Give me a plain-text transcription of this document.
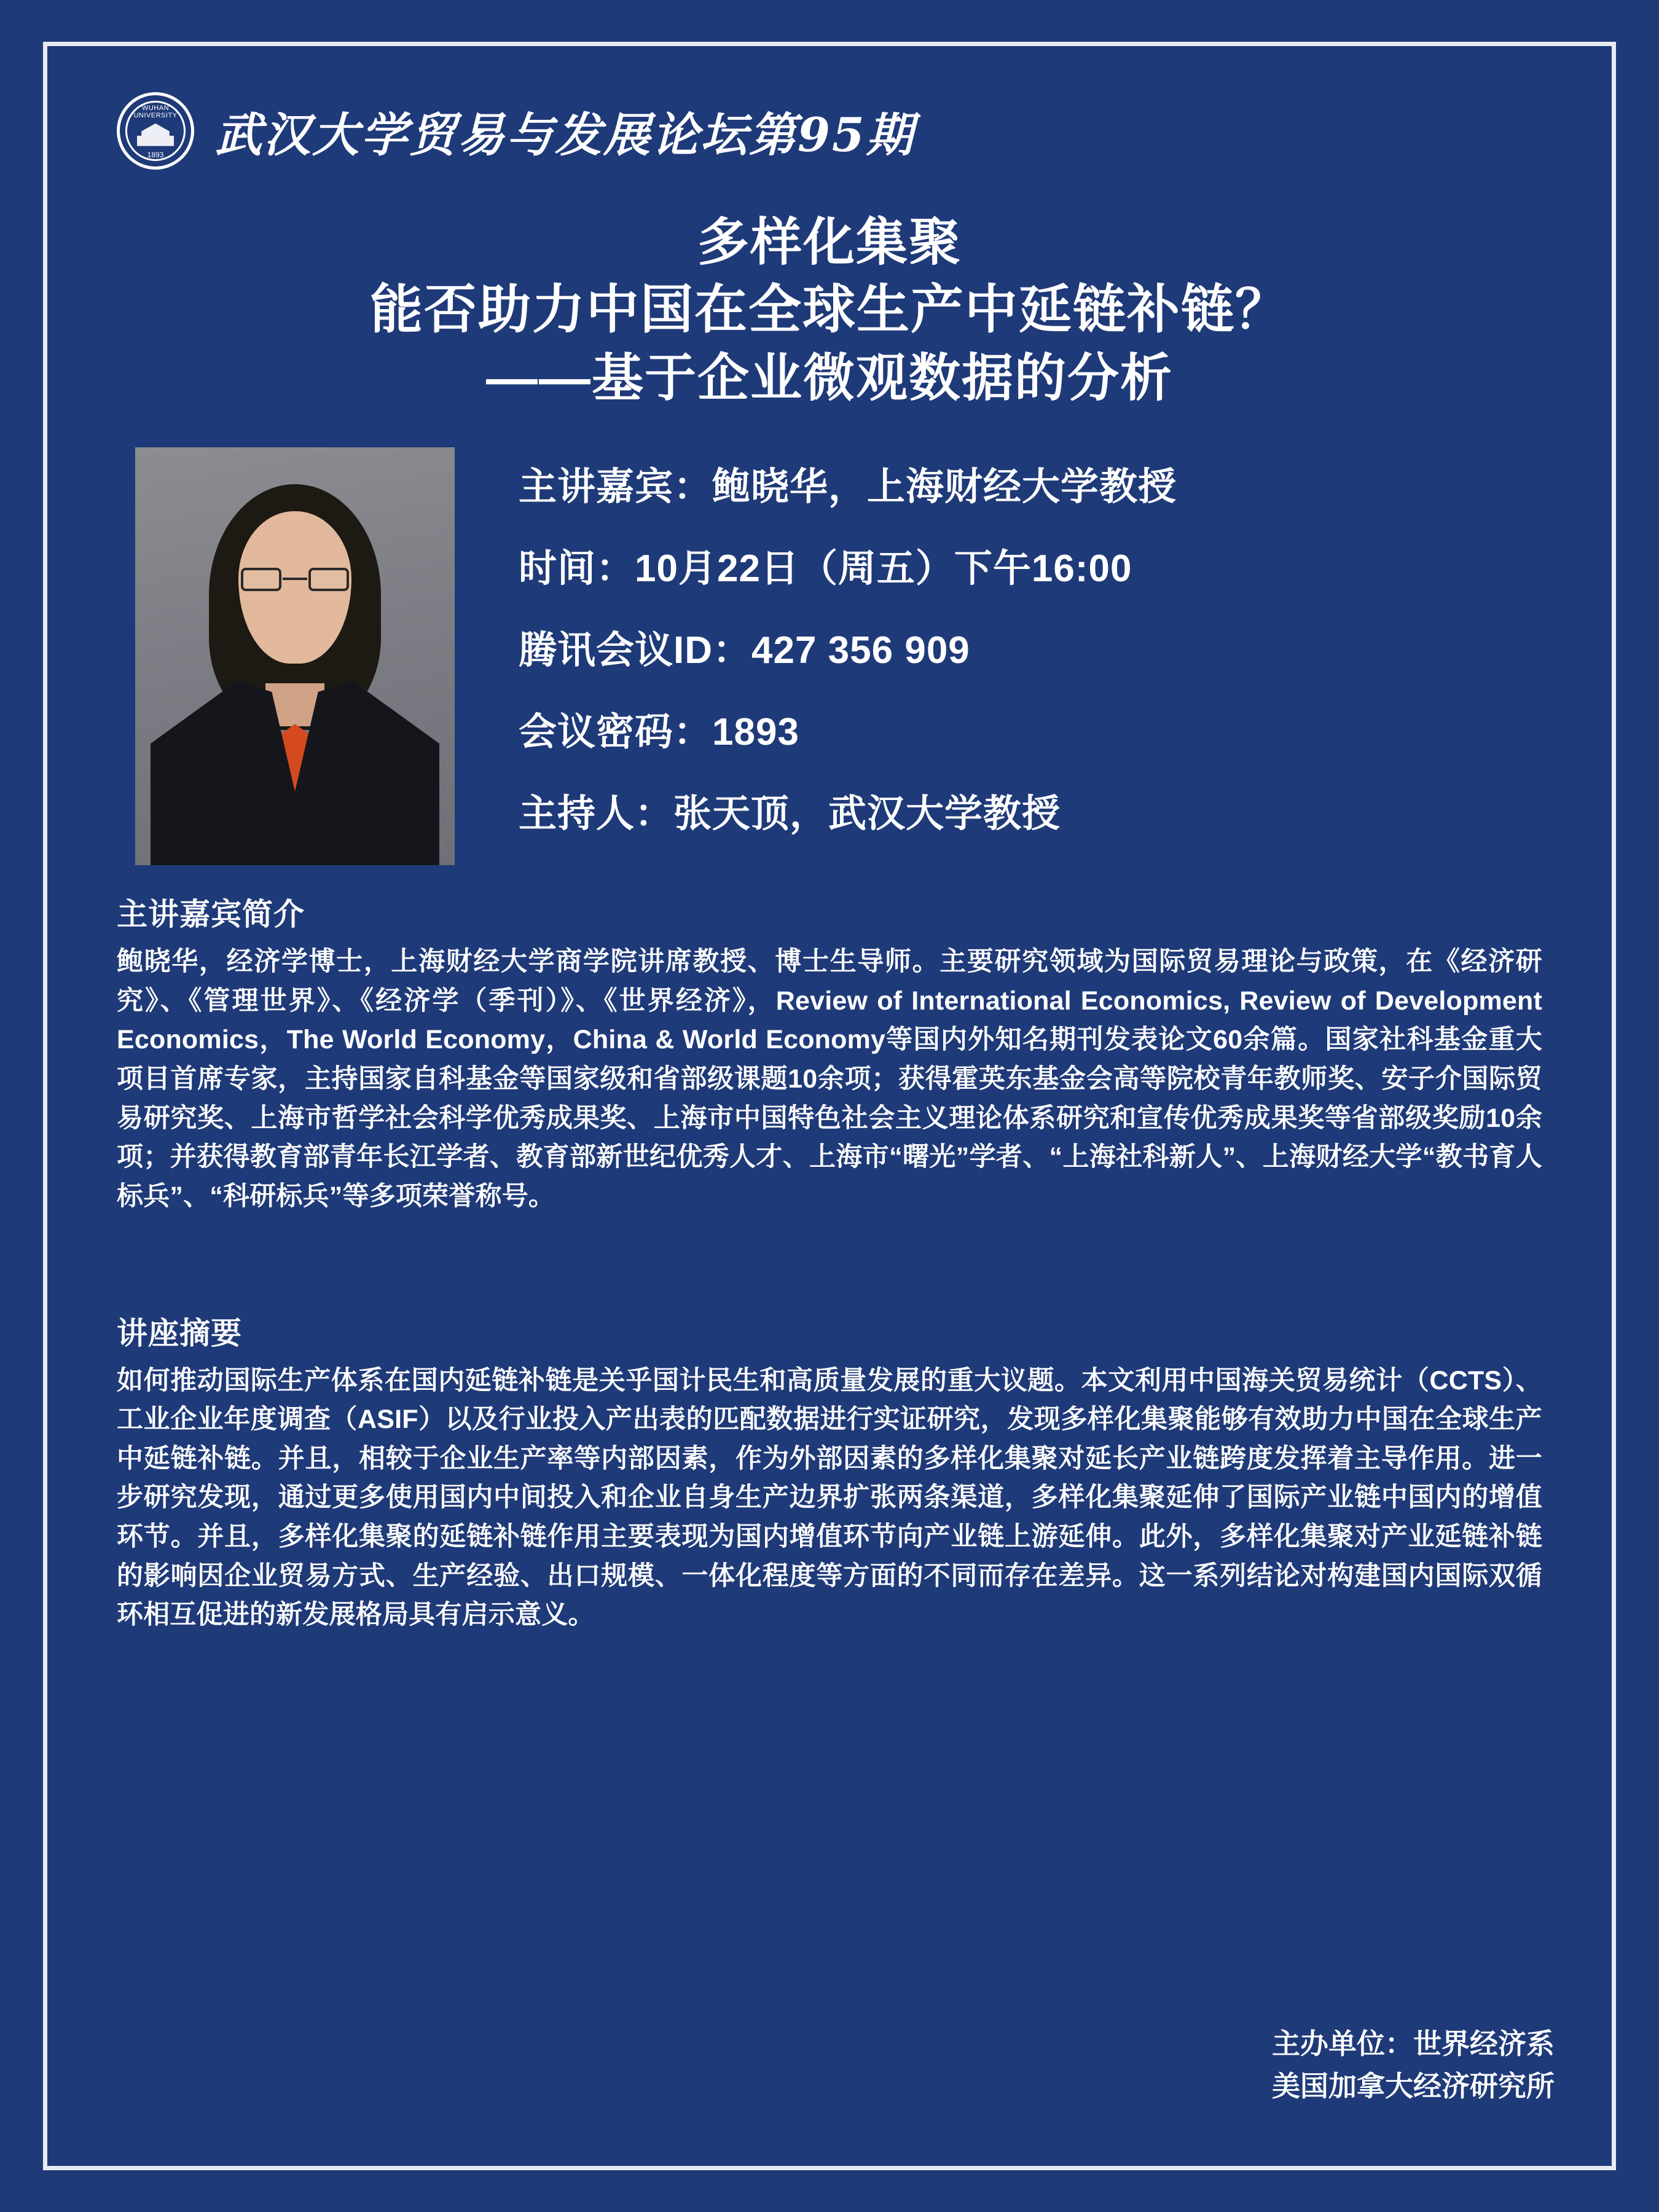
WUHAN UNIVERSITY
1893	武汉大学贸易与发展论坛第95期
多样化集聚
能否助力中国在全球生产中延链补链？
——基于企业微观数据的分析
主讲嘉宾：鲍晓华，上海财经大学教授
时间：10月22日（周五）下午16:00
腾讯会议ID：427 356 909
会议密码：1893
主持人：张天顶，武汉大学教授
主讲嘉宾简介
鲍晓华，经济学博士，上海财经大学商学院讲席教授、博士生导师。主要研究领域为国际贸易理论与政策，在《经济研究》、《管理世界》、《经济学（季刊）》、《世界经济》，Review of International Economics, Review of Development Economics，The World Economy，China & World Economy等国内外知名期刊发表论文60余篇。国家社科基金重大项目首席专家，主持国家自科基金等国家级和省部级课题10余项；获得霍英东基金会高等院校青年教师奖、安子介国际贸易研究奖、上海市哲学社会科学优秀成果奖、上海市中国特色社会主义理论体系研究和宣传优秀成果奖等省部级奖励10余项；并获得教育部青年长江学者、教育部新世纪优秀人才、上海市“曙光”学者、“上海社科新人”、上海财经大学“教书育人标兵”、“科研标兵”等多项荣誉称号。
讲座摘要
如何推动国际生产体系在国内延链补链是关乎国计民生和高质量发展的重大议题。本文利用中国海关贸易统计（CCTS）、工业企业年度调查（ASIF）以及行业投入产出表的匹配数据进行实证研究，发现多样化集聚能够有效助力中国在全球生产中延链补链。并且，相较于企业生产率等内部因素，作为外部因素的多样化集聚对延长产业链跨度发挥着主导作用。进一步研究发现，通过更多使用国内中间投入和企业自身生产边界扩张两条渠道，多样化集聚延伸了国际产业链中国内的增值环节。并且，多样化集聚的延链补链作用主要表现为国内增值环节向产业链上游延伸。此外，多样化集聚对产业延链补链的影响因企业贸易方式、生产经验、出口规模、一体化程度等方面的不同而存在差异。这一系列结论对构建国内国际双循环相互促进的新发展格局具有启示意义。
主办单位：世界经济系
美国加拿大经济研究所
